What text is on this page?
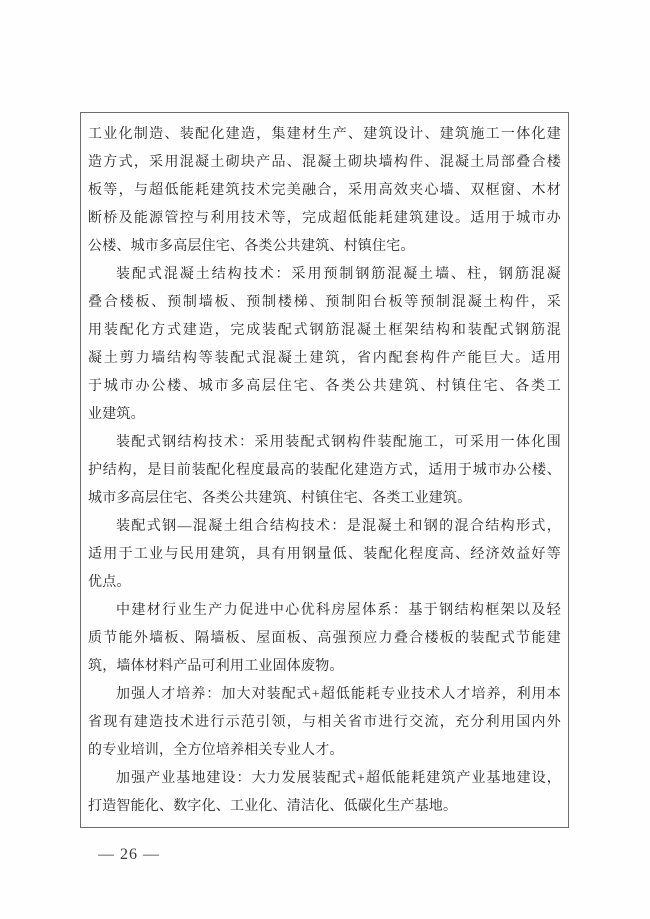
工业化制造、装配化建造，集建材生产、建筑设计、建筑施工一体化建
造方式，采用混凝土砌块产品、混凝土砌块墙构件、混凝土局部叠合楼
板等，与超低能耗建筑技术完美融合，采用高效夹心墙、双框窗、木材
断桥及能源管控与利用技术等，完成超低能耗建筑建设。适用于城市办
公楼、城市多高层住宅、各类公共建筑、村镇住宅。
装配式混凝土结构技术：采用预制钢筋混凝土墙、柱，钢筋混凝
叠合楼板、预制墙板、预制楼梯、预制阳台板等预制混凝土构件，采
用装配化方式建造，完成装配式钢筋混凝土框架结构和装配式钢筋混
凝土剪力墙结构等装配式混凝土建筑，省内配套构件产能巨大。适用
于城市办公楼、城市多高层住宅、各类公共建筑、村镇住宅、各类工
业建筑。
装配式钢结构技术：采用装配式钢构件装配施工，可采用一体化围
护结构，是目前装配化程度最高的装配化建造方式，适用于城市办公楼、
城市多高层住宅、各类公共建筑、村镇住宅、各类工业建筑。
装配式钢—混凝土组合结构技术：是混凝土和钢的混合结构形式，
适用于工业与民用建筑，具有用钢量低、装配化程度高、经济效益好等
优点。
中建材行业生产力促进中心优科房屋体系：基于钢结构框架以及轻
质节能外墙板、隔墙板、屋面板、高强预应力叠合楼板的装配式节能建
筑，墙体材料产品可利用工业固体废物。
加强人才培养：加大对装配式+超低能耗专业技术人才培养，利用本
省现有建造技术进行示范引领，与相关省市进行交流，充分利用国内外
的专业培训，全方位培养相关专业人才。
加强产业基地建设：大力发展装配式+超低能耗建筑产业基地建设，
打造智能化、数字化、工业化、清洁化、低碳化生产基地。
— 26 —
